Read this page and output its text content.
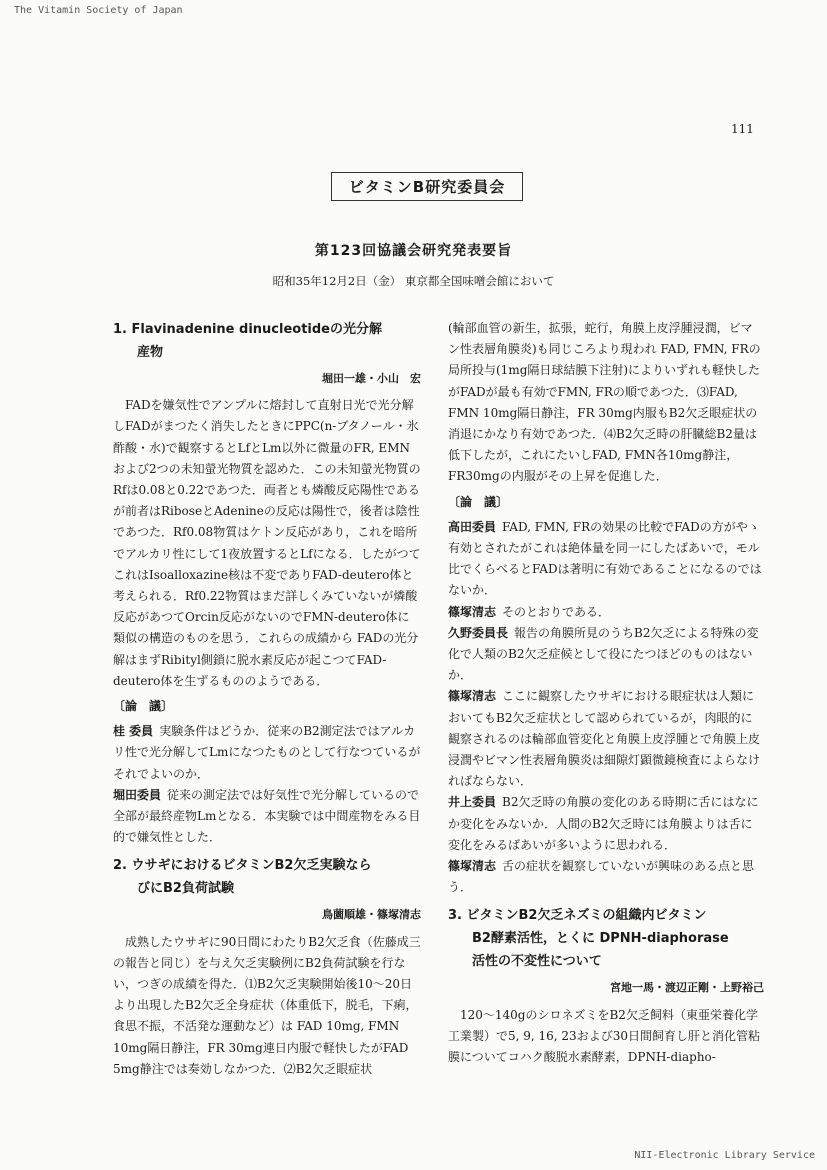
The Vitamin Society of Japan
111
ビタミンB研究委員会
第123回協議会研究発表要旨
昭和35年12月2日（金） 東京都全国味噌会館において

1. Flavinadenine dinucleotideの光分解

産物

堀田一雄・小山　宏

FADを嫌気性でアンプルに熔封して直射日光で光分解しFADがまつたく消失したときにPPC(n-ブタノール・氷酢酸・水)で観察するとLfとLm以外に微量のFR, EMNおよび2つの未知螢光物質を認めた．この未知螢光物質のRfは0.08と0.22であつた．両者とも燐酸反応陽性であるが前者はRiboseとAdenineの反応は陽性で，後者は陰性であつた．Rf0.08物質はケトン反応があり，これを暗所でアルカリ性にして1夜放置するとLfになる．したがつてこれはIsoalloxazine核は不変でありFAD-deutero体と考えられる．Rf0.22物質はまだ詳しくみていないが燐酸反応があつてOrcin反応がないのでFMN-deutero体に類似の構造のものを思う．これらの成績から FADの光分解はまずRibityl側鎖に脱水素反応が起こつてFAD-deutero体を生ずるもののようである．

〔論　議〕

桂 委員 実験条件はどうか．従来のB2測定法ではアルカリ性で光分解してLmになつたものとして行なつているがそれでよいのか．

堀田委員 従来の測定法では好気性で光分解しているので全部が最終産物Lmとなる．本実験では中間産物をみる目的で嫌気性とした．

2. ウサギにおけるビタミンB2欠乏実験なら

びにB2負荷試験

鳥薗順雄・篠塚清志

成熟したウサギに90日間にわたりB2欠乏食（佐藤成三の報告と同じ）を与え欠乏実験例にB2負荷試験を行ない，つぎの成績を得た．⑴B2欠乏実験開始後10～20日より出現したB2欠乏全身症状（体重低下，脱毛，下痢，食思不振，不活発な運動など）は FAD 10mg, FMN 10mg隔日静注，FR 30mg連日内服で軽快したがFAD 5mg静注では奏効しなかつた．⑵B2欠乏眼症状

(輪部血管の新生，拡張，蛇行，角膜上皮浮腫浸潤，ビマン性表層角膜炎)も同じころより現われ FAD, FMN, FRの局所投与(1mg隔日球結膜下注射)によりいずれも軽快したがFADが最も有効でFMN, FRの順であつた．⑶FAD, FMN 10mg隔日静注，FR 30mg内服もB2欠乏眼症状の消退にかなり有効であつた．⑷B2欠乏時の肝臓総B2量は低下したが，これにたいしFAD, FMN各10mg静注，FR30mgの内服がその上昇を促進した．

〔論　議〕

高田委員 FAD, FMN, FRの効果の比較でFADの方がやゝ有効とされたがこれは絶体量を同一にしたばあいで，モル比でくらべるとFADは著明に有効であることになるのではないか．

篠塚清志 そのとおりである．

久野委員長 報告の角膜所見のうちB2欠乏による特殊の変化で人類のB2欠乏症候として役にたつほどのものはないか．

篠塚清志 ここに観察したウサギにおける眼症状は人類においてもB2欠乏症状として認められているが，肉眼的に観察されるのは輪部血管変化と角膜上皮浮腫とで角膜上皮浸潤やビマン性表層角膜炎は細隙灯顕微鏡検査によらなければならない．

井上委員 B2欠乏時の角膜の変化のある時期に舌にはなにか変化をみないか．人間のB2欠乏時には角膜よりは舌に変化をみるばあいが多いように思われる．

篠塚清志 舌の症状を観察していないが興味のある点と思う．

3. ビタミンB2欠乏ネズミの組織内ビタミン

B2酵素活性，とくに DPNH-diaphorase

活性の不変性について

宮地一馬・渡辺正剛・上野裕己

120～140gのシロネズミをB2欠乏飼料（東亜栄養化学工業製）で5, 9, 16, 23および30日間飼育し肝と消化管粘膜についてコハク酸脱水素酵素，DPNH-diapho-

NII-Electronic Library Service
